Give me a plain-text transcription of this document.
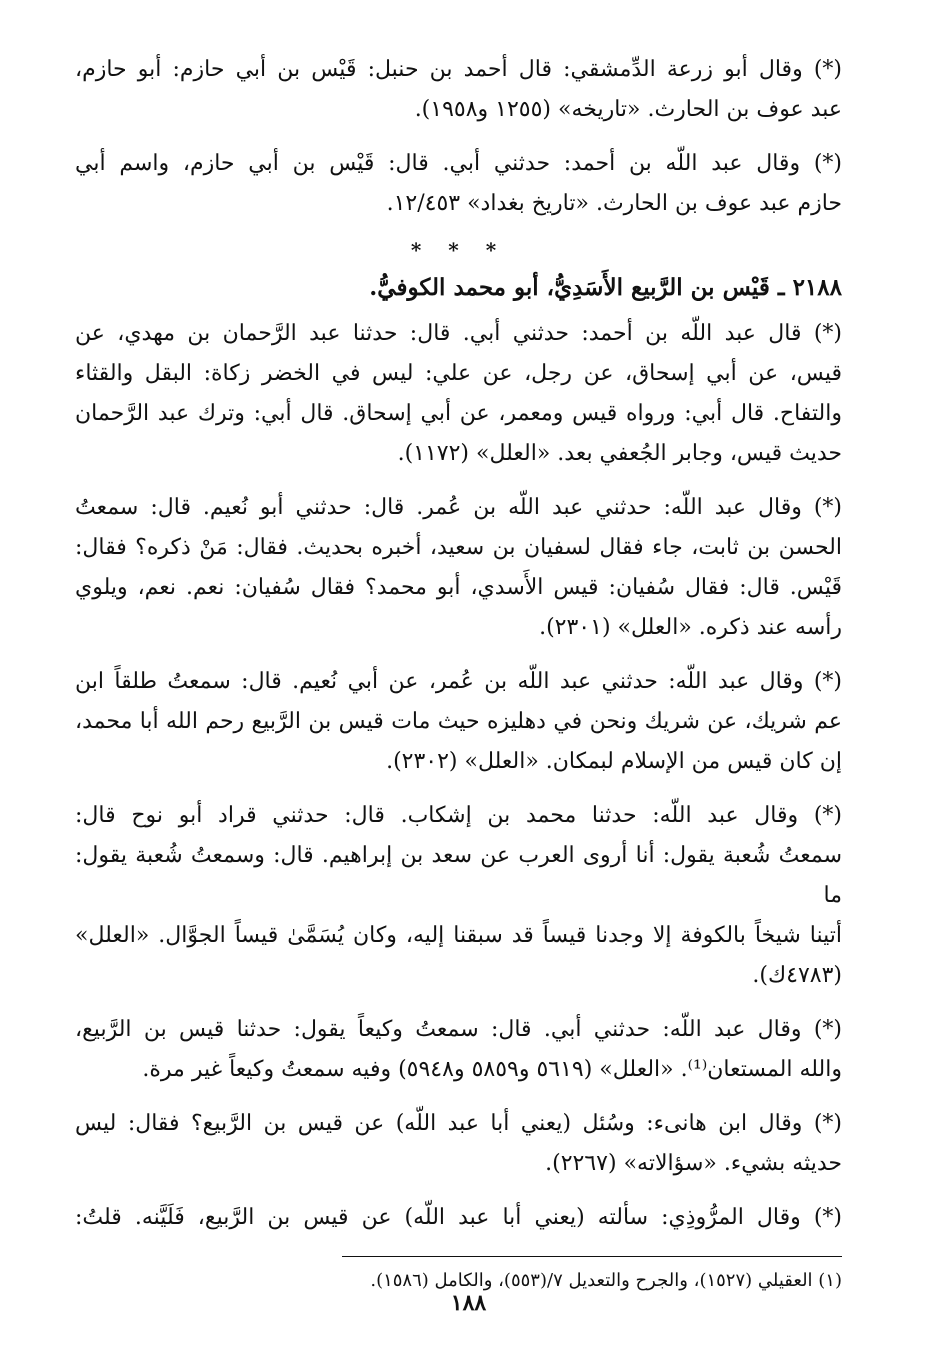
(*) وقال أبو زرعة الدِّمشقي: قال أحمد بن حنبل: قَيْس بن أبي حازم: أبو حازم،
عبد عوف بن الحارث. «تاريخه» (١٢٥٥ و١٩٥٨).

(*) وقال عبد اللّه بن أحمد: حدثني أبي. قال: قَيْس بن أبي حازم، واسم أبي
حازم عبد عوف بن الحارث. «تاريخ بغداد» ١٢/٤٥٣.

* * *
٢١٨٨ ـ قَيْس بن الرَّبيع الأَسَدِيُّ، أبو محمد الكوفيُّ.

(*) قال عبد اللّه بن أحمد: حدثني أبي. قال: حدثنا عبد الرَّحمان بن مهدي، عن
قيس، عن أبي إسحاق، عن رجل، عن علي: ليس في الخضر زكاة: البقل والقثاء
والتفاح. قال أبي: ورواه قيس ومعمر، عن أبي إسحاق. قال أبي: وترك عبد الرَّحمان
حديث قيس، وجابر الجُعفي بعد. «العلل» (١١٧٢).

(*) وقال عبد اللّه: حدثني عبد اللّه بن عُمر. قال: حدثني أبو نُعيم. قال: سمعتُ
الحسن بن ثابت، جاء فقال لسفيان بن سعيد، أخبره بحديث. فقال: مَنْ ذكره؟ فقال:
قَيْس. قال: فقال سُفيان: قيس الأَسدي، أبو محمد؟ فقال سُفيان: نعم. نعم، ويلوي
رأسه عند ذكره. «العلل» (٢٣٠١).

(*) وقال عبد اللّه: حدثني عبد اللّه بن عُمر، عن أبي نُعيم. قال: سمعتُ طلقاً ابن
عم شريك، عن شريك ونحن في دهليزه حيث مات قيس بن الرَّبيع رحم الله أبا محمد،
إن كان قيس من الإسلام لبمكان. «العلل» (٢٣٠٢).

(*) وقال عبد اللّه: حدثنا محمد بن إشكاب. قال: حدثني قراد أبو نوح قال:
سمعتُ شُعبة يقول: أنا أروى العرب عن سعد بن إبراهيم. قال: وسمعتُ شُعبة يقول: ما
أتينا شيخاً بالكوفة إلا وجدنا قيساً قد سبقنا إليه، وكان يُسَمَّىٰ قيساً الجوَّال. «العلل»
(٤٧٨٣ك).

(*) وقال عبد اللّه: حدثني أبي. قال: سمعتُ وكيعاً يقول: حدثنا قيس بن الرَّبيع،
والله المستعان⁽¹⁾. «العلل» (٥٦١٩ و٥٨٥٩ و٥٩٤٨) وفيه سمعتُ وكيعاً غير مرة.

(*) وقال ابن هانىء: وسُئل (يعني أبا عبد اللّه) عن قيس بن الرَّبيع؟ فقال: ليس
حديثه بشيء. «سؤالاته» (٢٢٦٧).

(*) وقال المرُّوذِي: سألته (يعني أبا عبد اللّه) عن قيس بن الرَّبيع، فَلَيَّنه. قلتُ:

(١) العقيلي (١٥٢٧)، والجرح والتعديل ٧/(٥٥٣)، والكامل (١٥٨٦).
١٨٨
